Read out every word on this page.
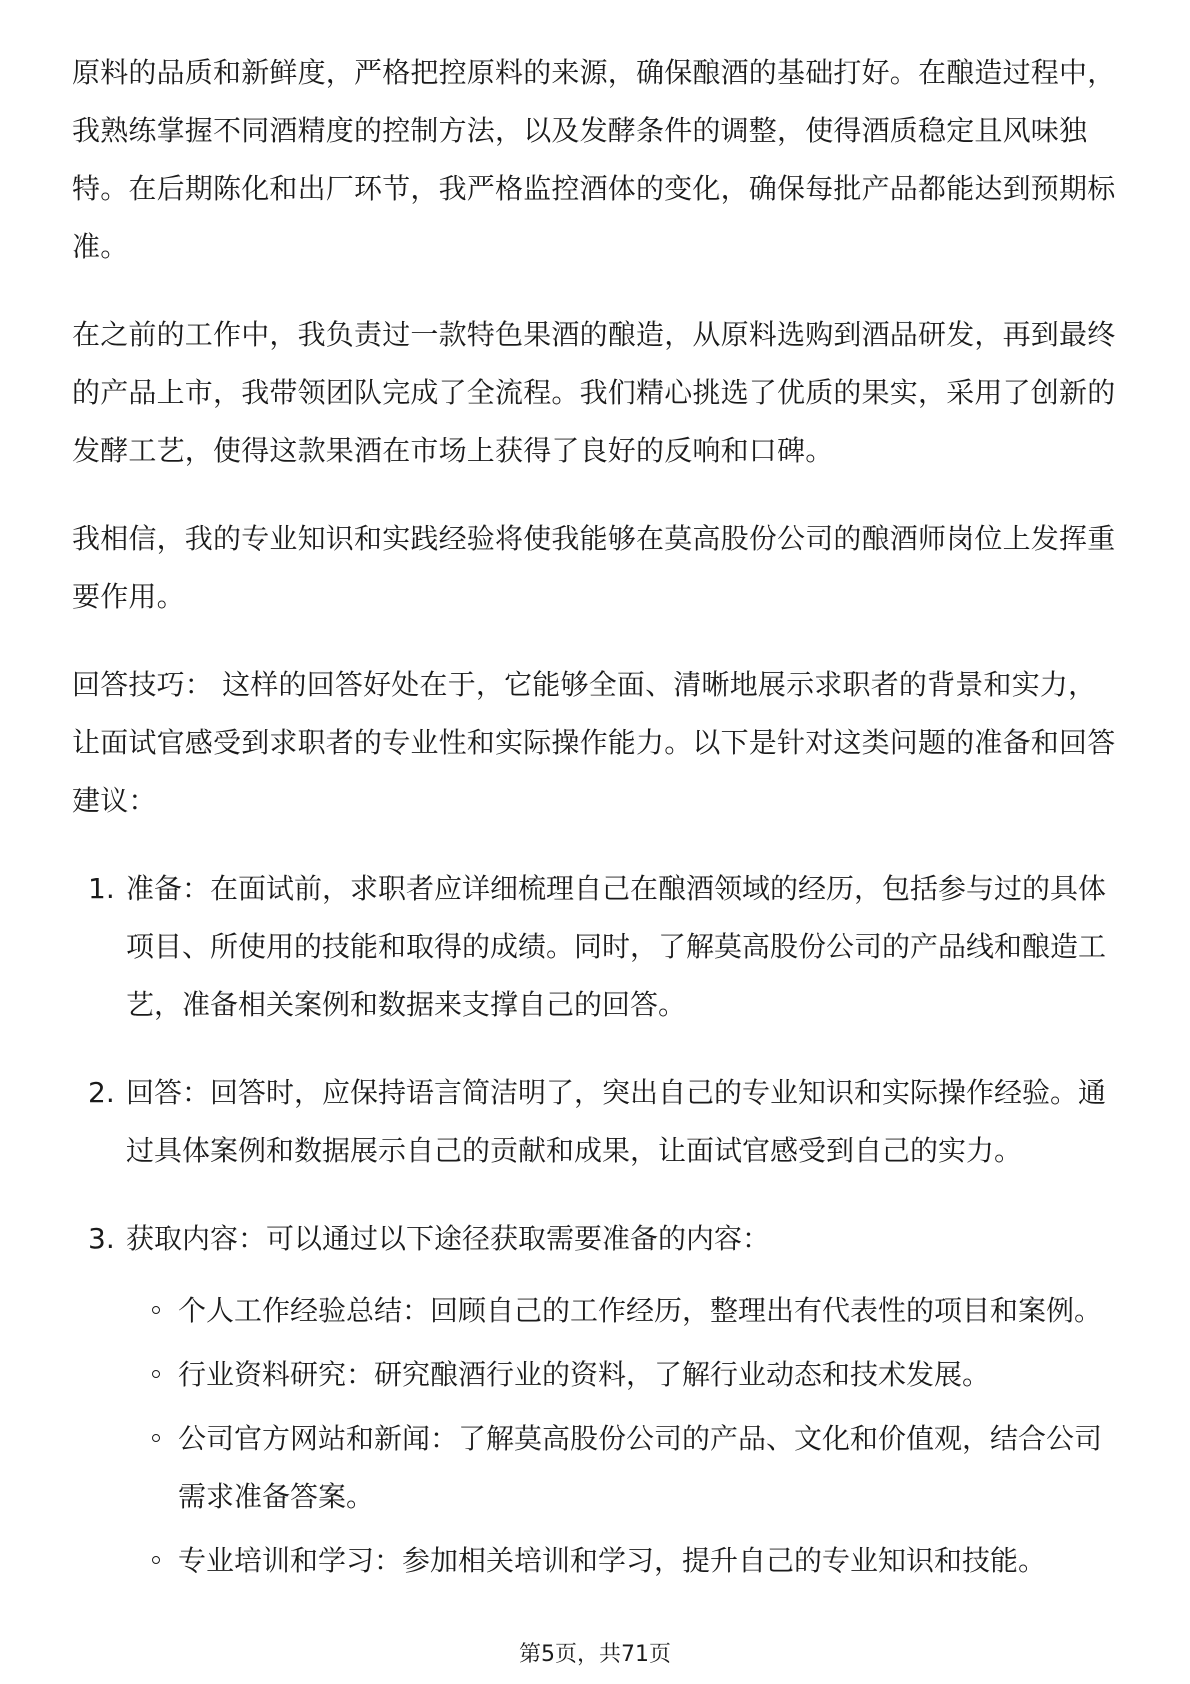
原料的品质和新鲜度，严格把控原料的来源，确保酿酒的基础打好。在酿造过程中，我熟练掌握不同酒精度的控制方法，以及发酵条件的调整，使得酒质稳定且风味独特。在后期陈化和出厂环节，我严格监控酒体的变化，确保每批产品都能达到预期标准。

在之前的工作中，我负责过一款特色果酒的酿造，从原料选购到酒品研发，再到最终的产品上市，我带领团队完成了全流程。我们精心挑选了优质的果实，采用了创新的发酵工艺，使得这款果酒在市场上获得了良好的反响和口碑。

我相信，我的专业知识和实践经验将使我能够在莫高股份公司的酿酒师岗位上发挥重要作用。

回答技巧： 这样的回答好处在于，它能够全面、清晰地展示求职者的背景和实力，让面试官感受到求职者的专业性和实际操作能力。以下是针对这类问题的准备和回答建议：

1. 准备：在面试前，求职者应详细梳理自己在酿酒领域的经历，包括参与过的具体项目、所使用的技能和取得的成绩。同时，了解莫高股份公司的产品线和酿造工艺，准备相关案例和数据来支撑自己的回答。
2. 回答：回答时，应保持语言简洁明了，突出自己的专业知识和实际操作经验。通过具体案例和数据展示自己的贡献和成果，让面试官感受到自己的实力。
3. 获取内容：可以通过以下途径获取需要准备的内容：
个人工作经验总结：回顾自己的工作经历，整理出有代表性的项目和案例。
行业资料研究：研究酿酒行业的资料，了解行业动态和技术发展。
公司官方网站和新闻：了解莫高股份公司的产品、文化和价值观，结合公司需求准备答案。
专业培训和学习：参加相关培训和学习，提升自己的专业知识和技能。
第5页，共71页
